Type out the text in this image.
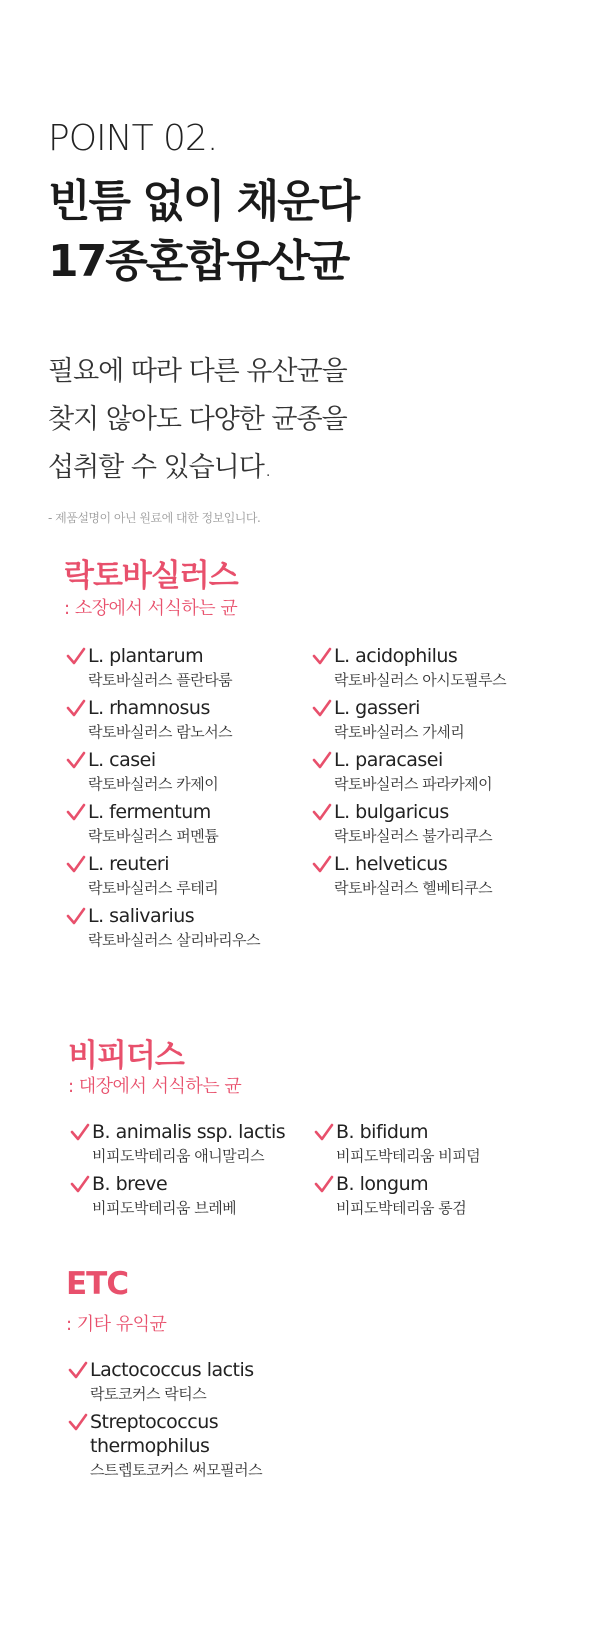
POINT 02.
빈틈 없이 채운다
17종혼합유산균
필요에 따라 다른 유산균을
찾지 않아도 다양한 균종을
섭취할 수 있습니다.
- 제품설명이 아닌 원료에 대한 정보입니다.
락토바실러스
: 소장에서 서식하는 균
L. plantarum
락토바실러스 플란타룸
L. acidophilus
락토바실러스 아시도필루스
L. rhamnosus
락토바실러스 람노서스
L. gasseri
락토바실러스 가세리
L. casei
락토바실러스 카제이
L. paracasei
락토바실러스 파라카제이
L. fermentum
락토바실러스 퍼멘튬
L. bulgaricus
락토바실러스 불가리쿠스
L. reuteri
락토바실러스 루테리
L. helveticus
락토바실러스 헬베티쿠스
L. salivarius
락토바실러스 살리바리우스
비피더스
: 대장에서 서식하는 균
B. animalis ssp. lactis
비피도박테리움 애니말리스
B. bifidum
비피도박테리움 비피덤
B. breve
비피도박테리움 브레베
B. longum
비피도박테리움 롱검
ETC
: 기타 유익균
Lactococcus lactis
락토코커스 락티스
Streptococcus
thermophilus
스트렙토코커스 써모필러스
